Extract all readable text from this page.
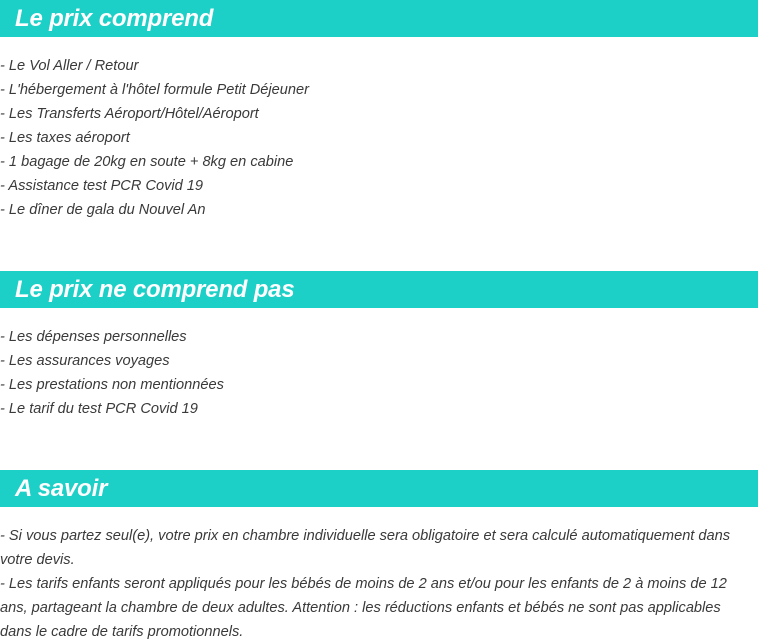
Le prix comprend
- Le Vol Aller / Retour
- L'hébergement à l'hôtel formule Petit Déjeuner
- Les Transferts Aéroport/Hôtel/Aéroport
- Les taxes aéroport
- 1 bagage de 20kg en soute + 8kg en cabine
- Assistance test PCR Covid 19
- Le dîner de gala du Nouvel An
Le prix ne comprend pas
- Les dépenses personnelles
- Les assurances voyages
- Les prestations non mentionnées
- Le tarif du test PCR Covid 19
A savoir

- Si vous partez seul(e), votre prix en chambre individuelle sera obligatoire et sera calculé automatiquement dans votre devis.

- Les tarifs enfants seront appliqués pour les bébés de moins de 2 ans et/ou pour les enfants de 2 à moins de 12 ans, partageant la chambre de deux adultes. Attention : les réductions enfants et bébés ne sont pas applicables dans le cadre de tarifs promotionnels.
